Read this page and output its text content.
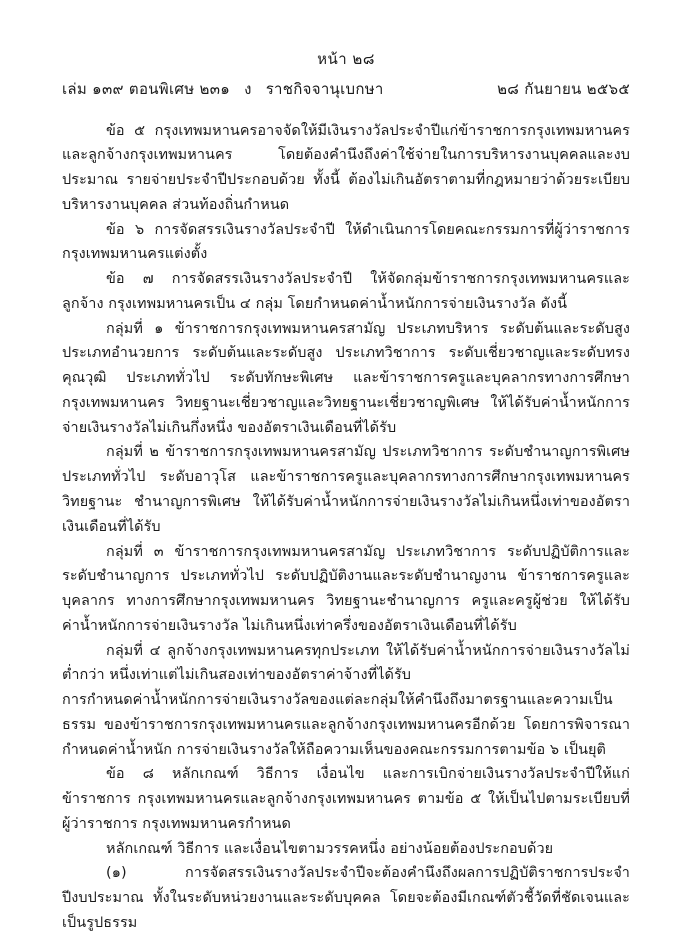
หน้า ๒๘
เล่ม ๑๓๙ ตอนพิเศษ ๒๓๑ ง ราชกิจจานุเบกษา	๒๘ กันยายน ๒๕๖๕

ข้อ ๕ กรุงเทพมหานครอาจจัดให้มีเงินรางวัลประจำปีแก่ข้าราชการกรุงเทพมหานคร และลูกจ้างกรุงเทพมหานคร โดยต้องคำนึงถึงค่าใช้จ่ายในการบริหารงานบุคคลและงบประมาณ รายจ่ายประจำปีประกอบด้วย ทั้งนี้ ต้องไม่เกินอัตราตามที่กฎหมายว่าด้วยระเบียบบริหารงานบุคคล ส่วนท้องถิ่นกำหนด

ข้อ ๖ การจัดสรรเงินรางวัลประจำปี ให้ดำเนินการโดยคณะกรรมการที่ผู้ว่าราชการ กรุงเทพมหานครแต่งตั้ง

ข้อ ๗ การจัดสรรเงินรางวัลประจำปี ให้จัดกลุ่มข้าราชการกรุงเทพมหานครและลูกจ้าง กรุงเทพมหานครเป็น ๔ กลุ่ม โดยกำหนดค่าน้ำหนักการจ่ายเงินรางวัล ดังนี้

กลุ่มที่ ๑ ข้าราชการกรุงเทพมหานครสามัญ ประเภทบริหาร ระดับต้นและระดับสูง ประเภทอำนวยการ ระดับต้นและระดับสูง ประเภทวิชาการ ระดับเชี่ยวชาญและระดับทรงคุณวุฒิ ประเภททั่วไป ระดับทักษะพิเศษ และข้าราชการครูและบุคลากรทางการศึกษากรุงเทพมหานคร วิทยฐานะเชี่ยวชาญและวิทยฐานะเชี่ยวชาญพิเศษ ให้ได้รับค่าน้ำหนักการจ่ายเงินรางวัลไม่เกินกึ่งหนึ่ง ของอัตราเงินเดือนที่ได้รับ

กลุ่มที่ ๒ ข้าราชการกรุงเทพมหานครสามัญ ประเภทวิชาการ ระดับชำนาญการพิเศษ ประเภททั่วไป ระดับอาวุโส และข้าราชการครูและบุคลากรทางการศึกษากรุงเทพมหานคร วิทยฐานะ ชำนาญการพิเศษ ให้ได้รับค่าน้ำหนักการจ่ายเงินรางวัลไม่เกินหนึ่งเท่าของอัตราเงินเดือนที่ได้รับ

กลุ่มที่ ๓ ข้าราชการกรุงเทพมหานครสามัญ ประเภทวิชาการ ระดับปฏิบัติการและ ระดับชำนาญการ ประเภททั่วไป ระดับปฏิบัติงานและระดับชำนาญงาน ข้าราชการครูและบุคลากร ทางการศึกษากรุงเทพมหานคร วิทยฐานะชำนาญการ ครูและครูผู้ช่วย ให้ได้รับค่าน้ำหนักการจ่ายเงินรางวัล ไม่เกินหนึ่งเท่าครึ่งของอัตราเงินเดือนที่ได้รับ

กลุ่มที่ ๔ ลูกจ้างกรุงเทพมหานครทุกประเภท ให้ได้รับค่าน้ำหนักการจ่ายเงินรางวัลไม่ต่ำกว่า หนึ่งเท่าแต่ไม่เกินสองเท่าของอัตราค่าจ้างที่ได้รับ

การกำหนดค่าน้ำหนักการจ่ายเงินรางวัลของแต่ละกลุ่มให้คำนึงถึงมาตรฐานและความเป็นธรรม ของข้าราชการกรุงเทพมหานครและลูกจ้างกรุงเทพมหานครอีกด้วย โดยการพิจารณากำหนดค่าน้ำหนัก การจ่ายเงินรางวัลให้ถือความเห็นของคณะกรรมการตามข้อ ๖ เป็นยุติ

ข้อ ๘ หลักเกณฑ์ วิธีการ เงื่อนไข และการเบิกจ่ายเงินรางวัลประจำปีให้แก่ข้าราชการ กรุงเทพมหานครและลูกจ้างกรุงเทพมหานคร ตามข้อ ๕ ให้เป็นไปตามระเบียบที่ผู้ว่าราชการ กรุงเทพมหานครกำหนด

หลักเกณฑ์ วิธีการ และเงื่อนไขตามวรรคหนึ่ง อย่างน้อยต้องประกอบด้วย

(๑) การจัดสรรเงินรางวัลประจำปีจะต้องคำนึงถึงผลการปฏิบัติราชการประจำปีงบประมาณ ทั้งในระดับหน่วยงานและระดับบุคคล โดยจะต้องมีเกณฑ์ตัวชี้วัดที่ชัดเจนและเป็นรูปธรรม
